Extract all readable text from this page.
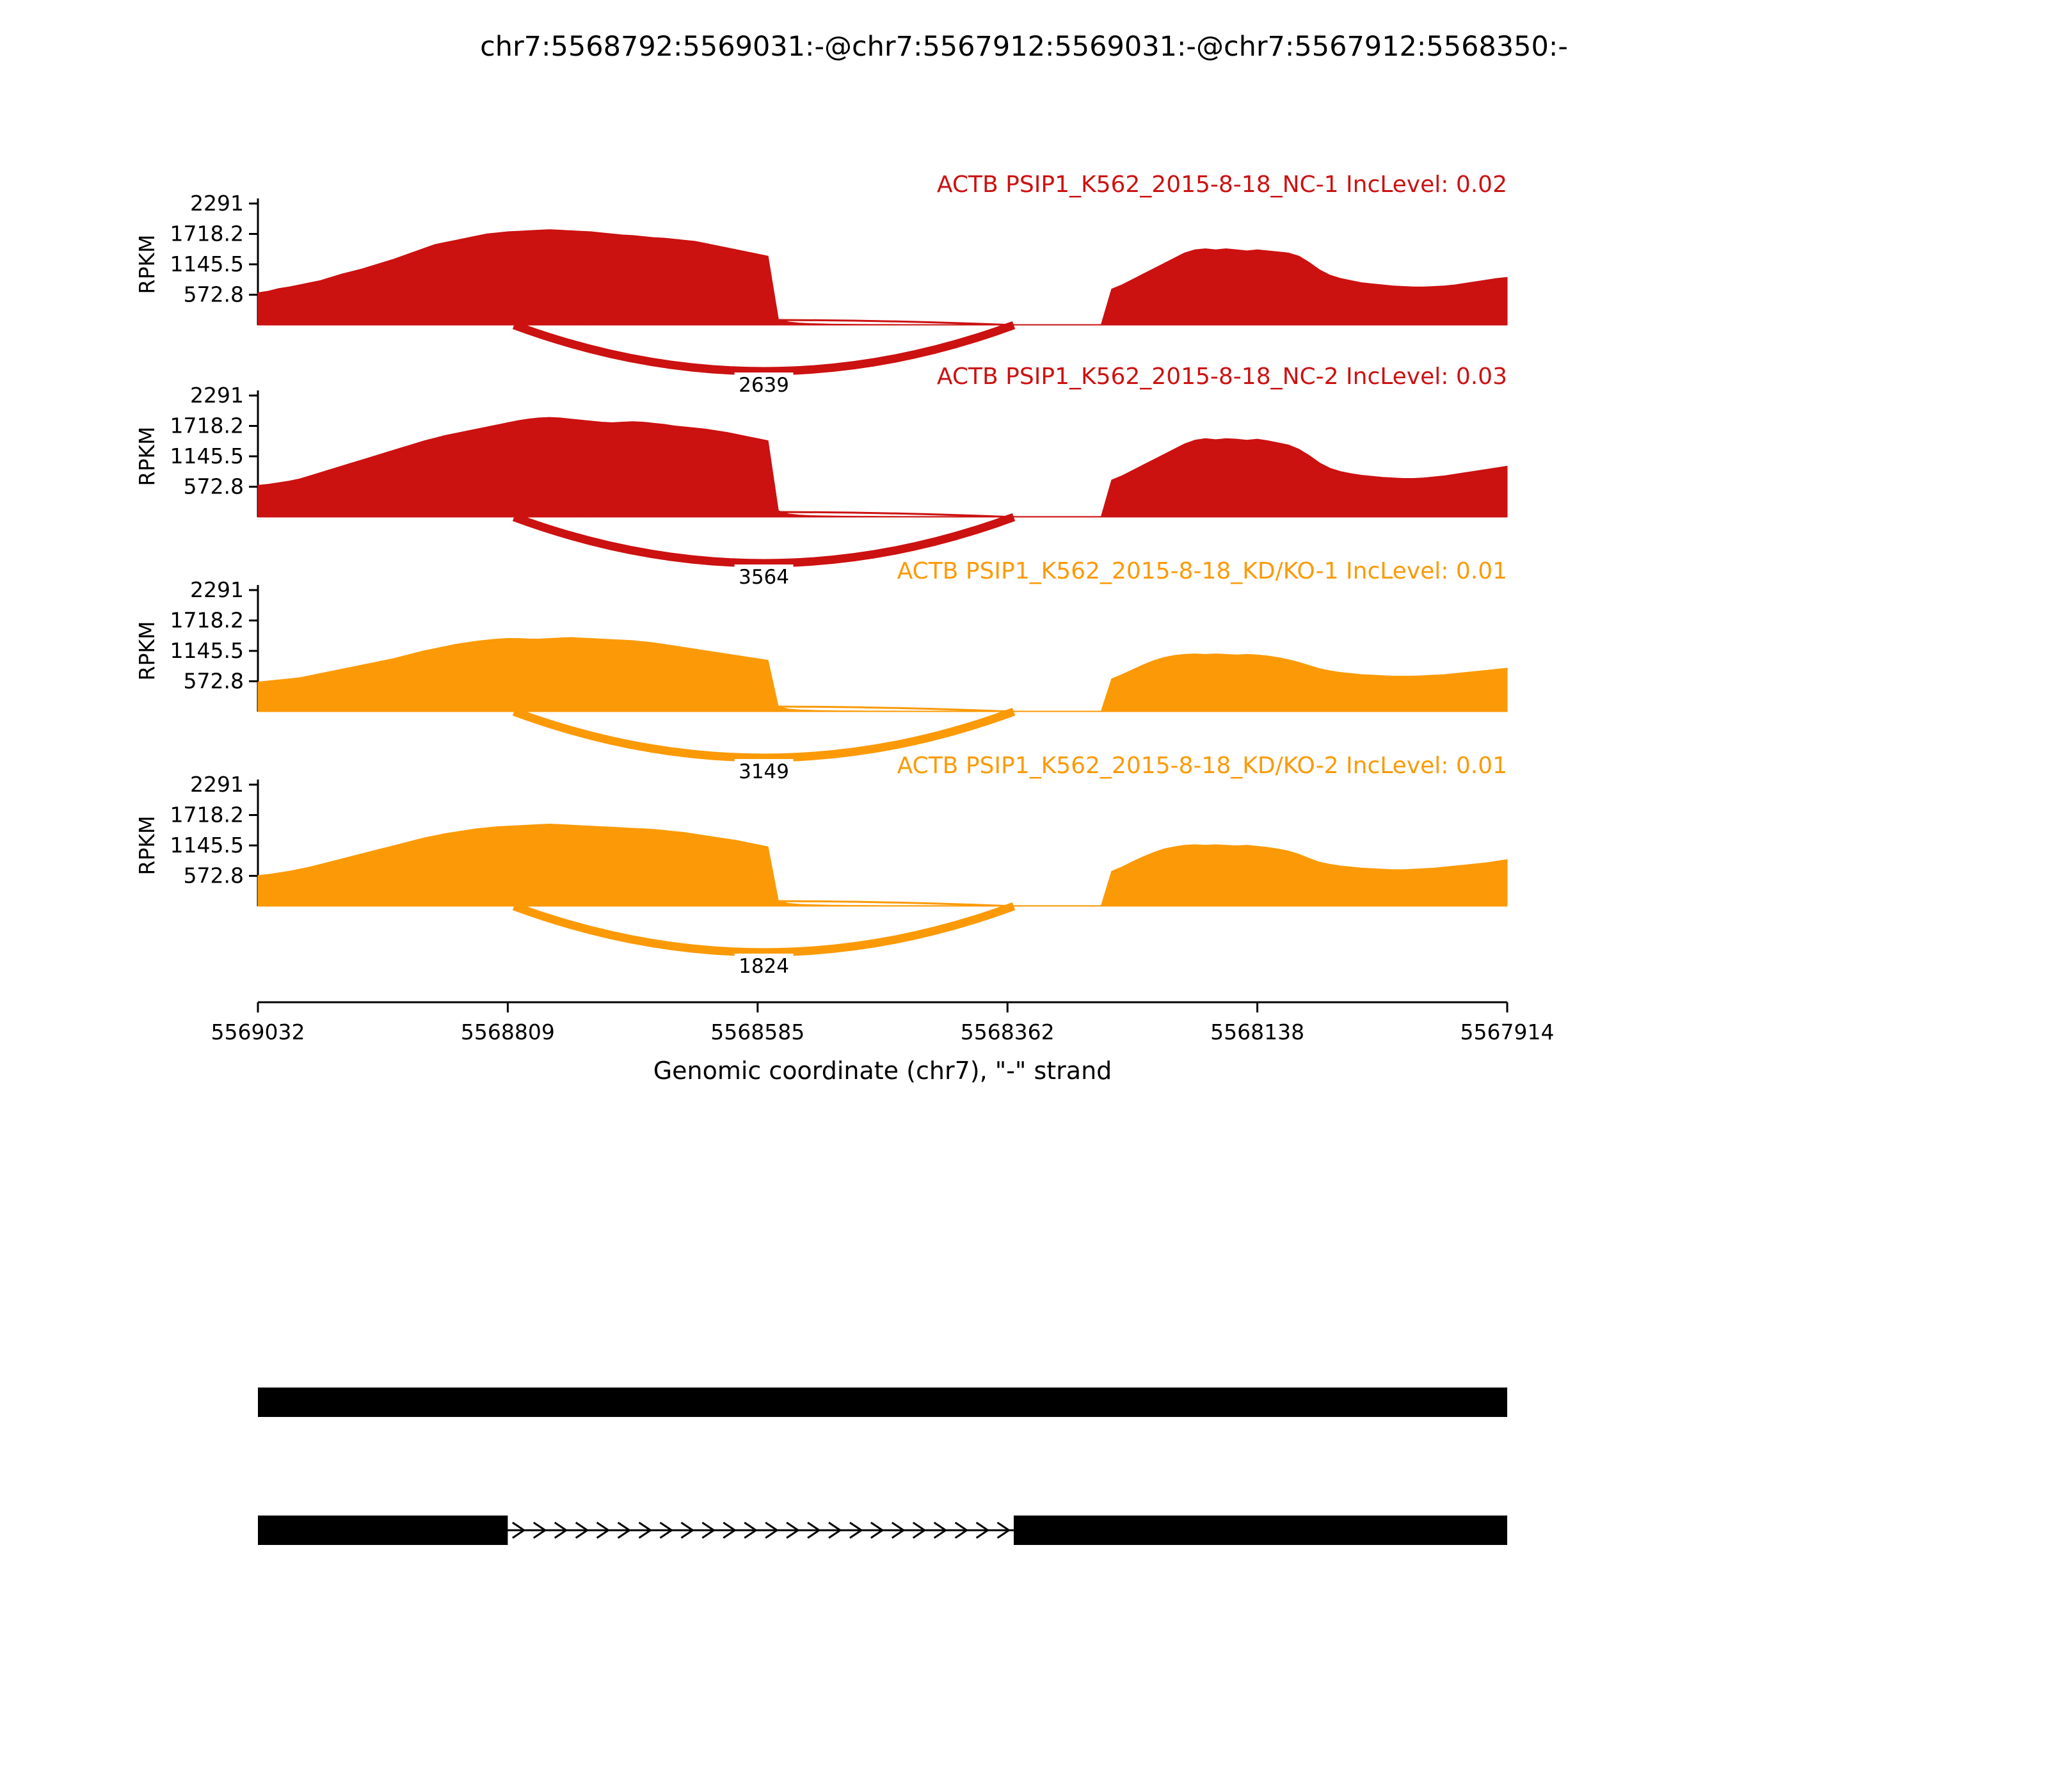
chr7:5568792:5569031:-@chr7:5567912:5569031:-@chr7:5567912:5568350:-
2291
1718.2
1145.5
572.8
RPKM
2639
ACTB PSIP1_K562_2015-8-18_NC-1 IncLevel: 0.02
2291
1718.2
1145.5
572.8
RPKM
3564
ACTB PSIP1_K562_2015-8-18_NC-2 IncLevel: 0.03
2291
1718.2
1145.5
572.8
RPKM
3149
ACTB PSIP1_K562_2015-8-18_KD/KO-1 IncLevel: 0.01
2291
1718.2
1145.5
572.8
RPKM
1824
ACTB PSIP1_K562_2015-8-18_KD/KO-2 IncLevel: 0.01
5569032	5568809	5568585	5568362	5568138	5567914
Genomic coordinate (chr7), "-" strand
